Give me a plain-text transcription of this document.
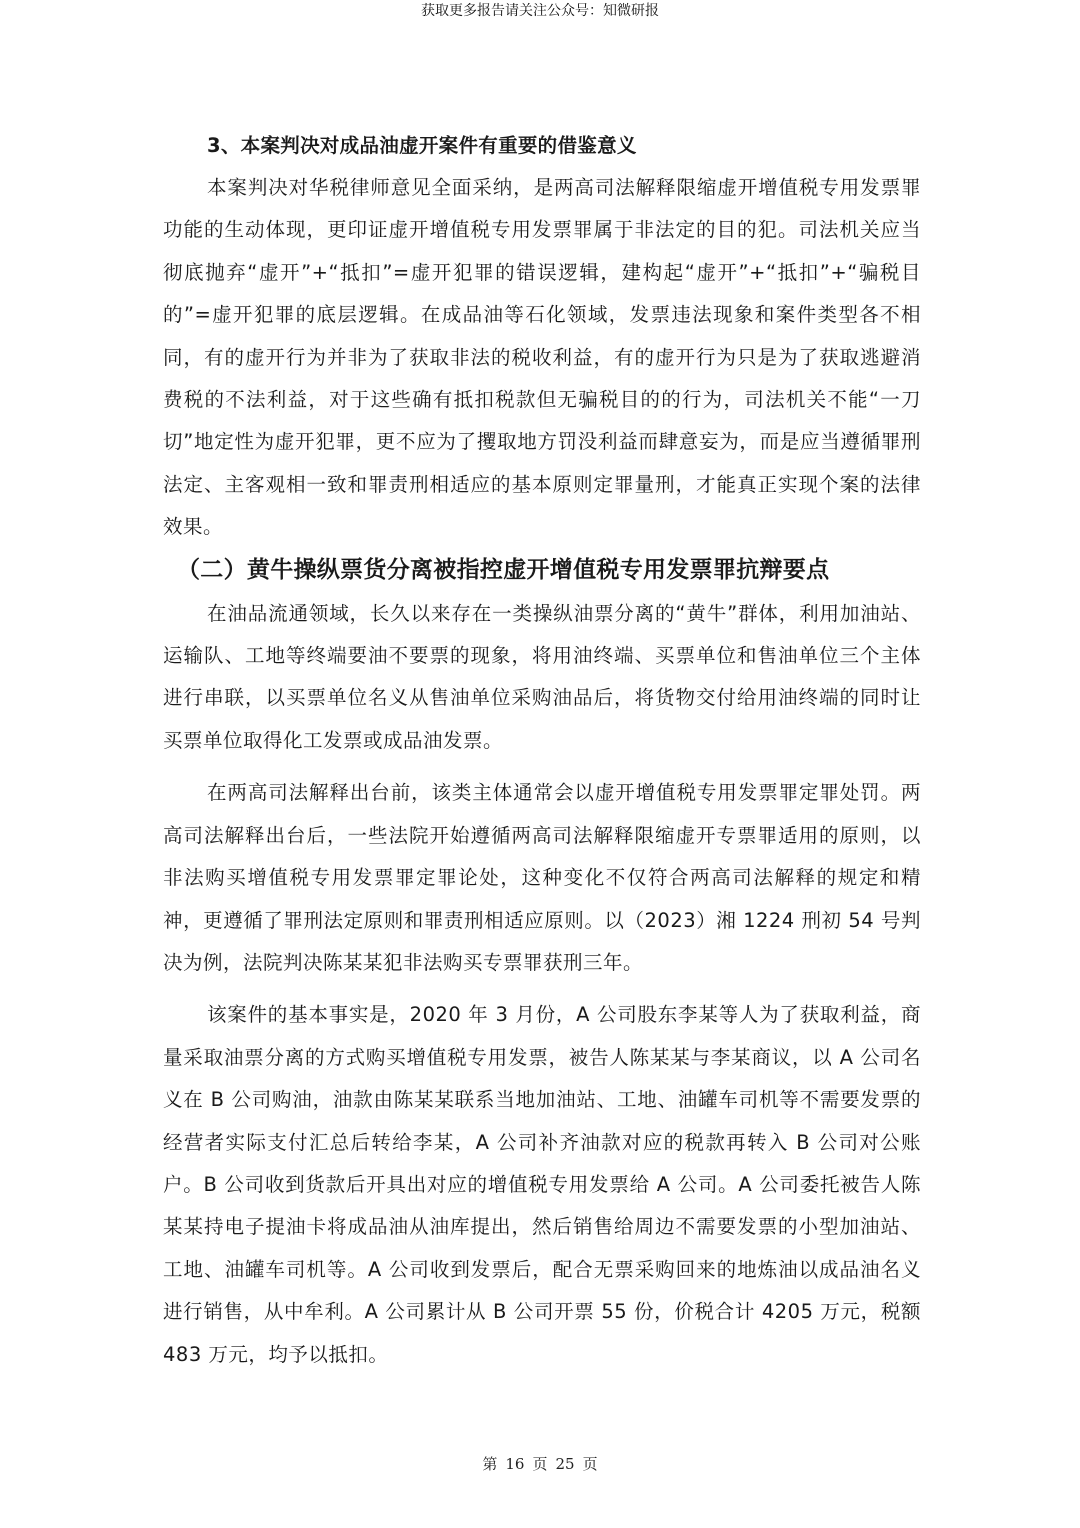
获取更多报告请关注公众号：知微研报

3、本案判决对成品油虚开案件有重要的借鉴意义

本案判决对华税律师意见全面采纳，是两高司法解释限缩虚开增值税专用发票罪功能的生动体现，更印证虚开增值税专用发票罪属于非法定的目的犯。司法机关应当彻底抛弃“虚开”+“抵扣”=虚开犯罪的错误逻辑，建构起“虚开”+“抵扣”+“骗税目的”=虚开犯罪的底层逻辑。在成品油等石化领域，发票违法现象和案件类型各不相同，有的虚开行为并非为了获取非法的税收利益，有的虚开行为只是为了获取逃避消费税的不法利益，对于这些确有抵扣税款但无骗税目的的行为，司法机关不能“一刀切”地定性为虚开犯罪，更不应为了攫取地方罚没利益而肆意妄为，而是应当遵循罪刑法定、主客观相一致和罪责刑相适应的基本原则定罪量刑，才能真正实现个案的法律效果。

（二）黄牛操纵票货分离被指控虚开增值税专用发票罪抗辩要点

在油品流通领域，长久以来存在一类操纵油票分离的“黄牛”群体，利用加油站、运输队、工地等终端要油不要票的现象，将用油终端、买票单位和售油单位三个主体进行串联，以买票单位名义从售油单位采购油品后，将货物交付给用油终端的同时让买票单位取得化工发票或成品油发票。

在两高司法解释出台前，该类主体通常会以虚开增值税专用发票罪定罪处罚。两高司法解释出台后，一些法院开始遵循两高司法解释限缩虚开专票罪适用的原则，以非法购买增值税专用发票罪定罪论处，这种变化不仅符合两高司法解释的规定和精神，更遵循了罪刑法定原则和罪责刑相适应原则。以（2023）湘 1224 刑初 54 号判决为例，法院判决陈某某犯非法购买专票罪获刑三年。

该案件的基本事实是，2020 年 3 月份，A 公司股东李某等人为了获取利益，商量采取油票分离的方式购买增值税专用发票，被告人陈某某与李某商议，以 A 公司名义在 B 公司购油，油款由陈某某联系当地加油站、工地、油罐车司机等不需要发票的经营者实际支付汇总后转给李某，A 公司补齐油款对应的税款再转入 B 公司对公账户。B 公司收到货款后开具出对应的增值税专用发票给 A 公司。A 公司委托被告人陈某某持电子提油卡将成品油从油库提出，然后销售给周边不需要发票的小型加油站、工地、油罐车司机等。A 公司收到发票后，配合无票采购回来的地炼油以成品油名义进行销售，从中牟利。A 公司累计从 B 公司开票 55 份，价税合计 4205 万元，税额 483 万元，均予以抵扣。

第 16 页 25 页
